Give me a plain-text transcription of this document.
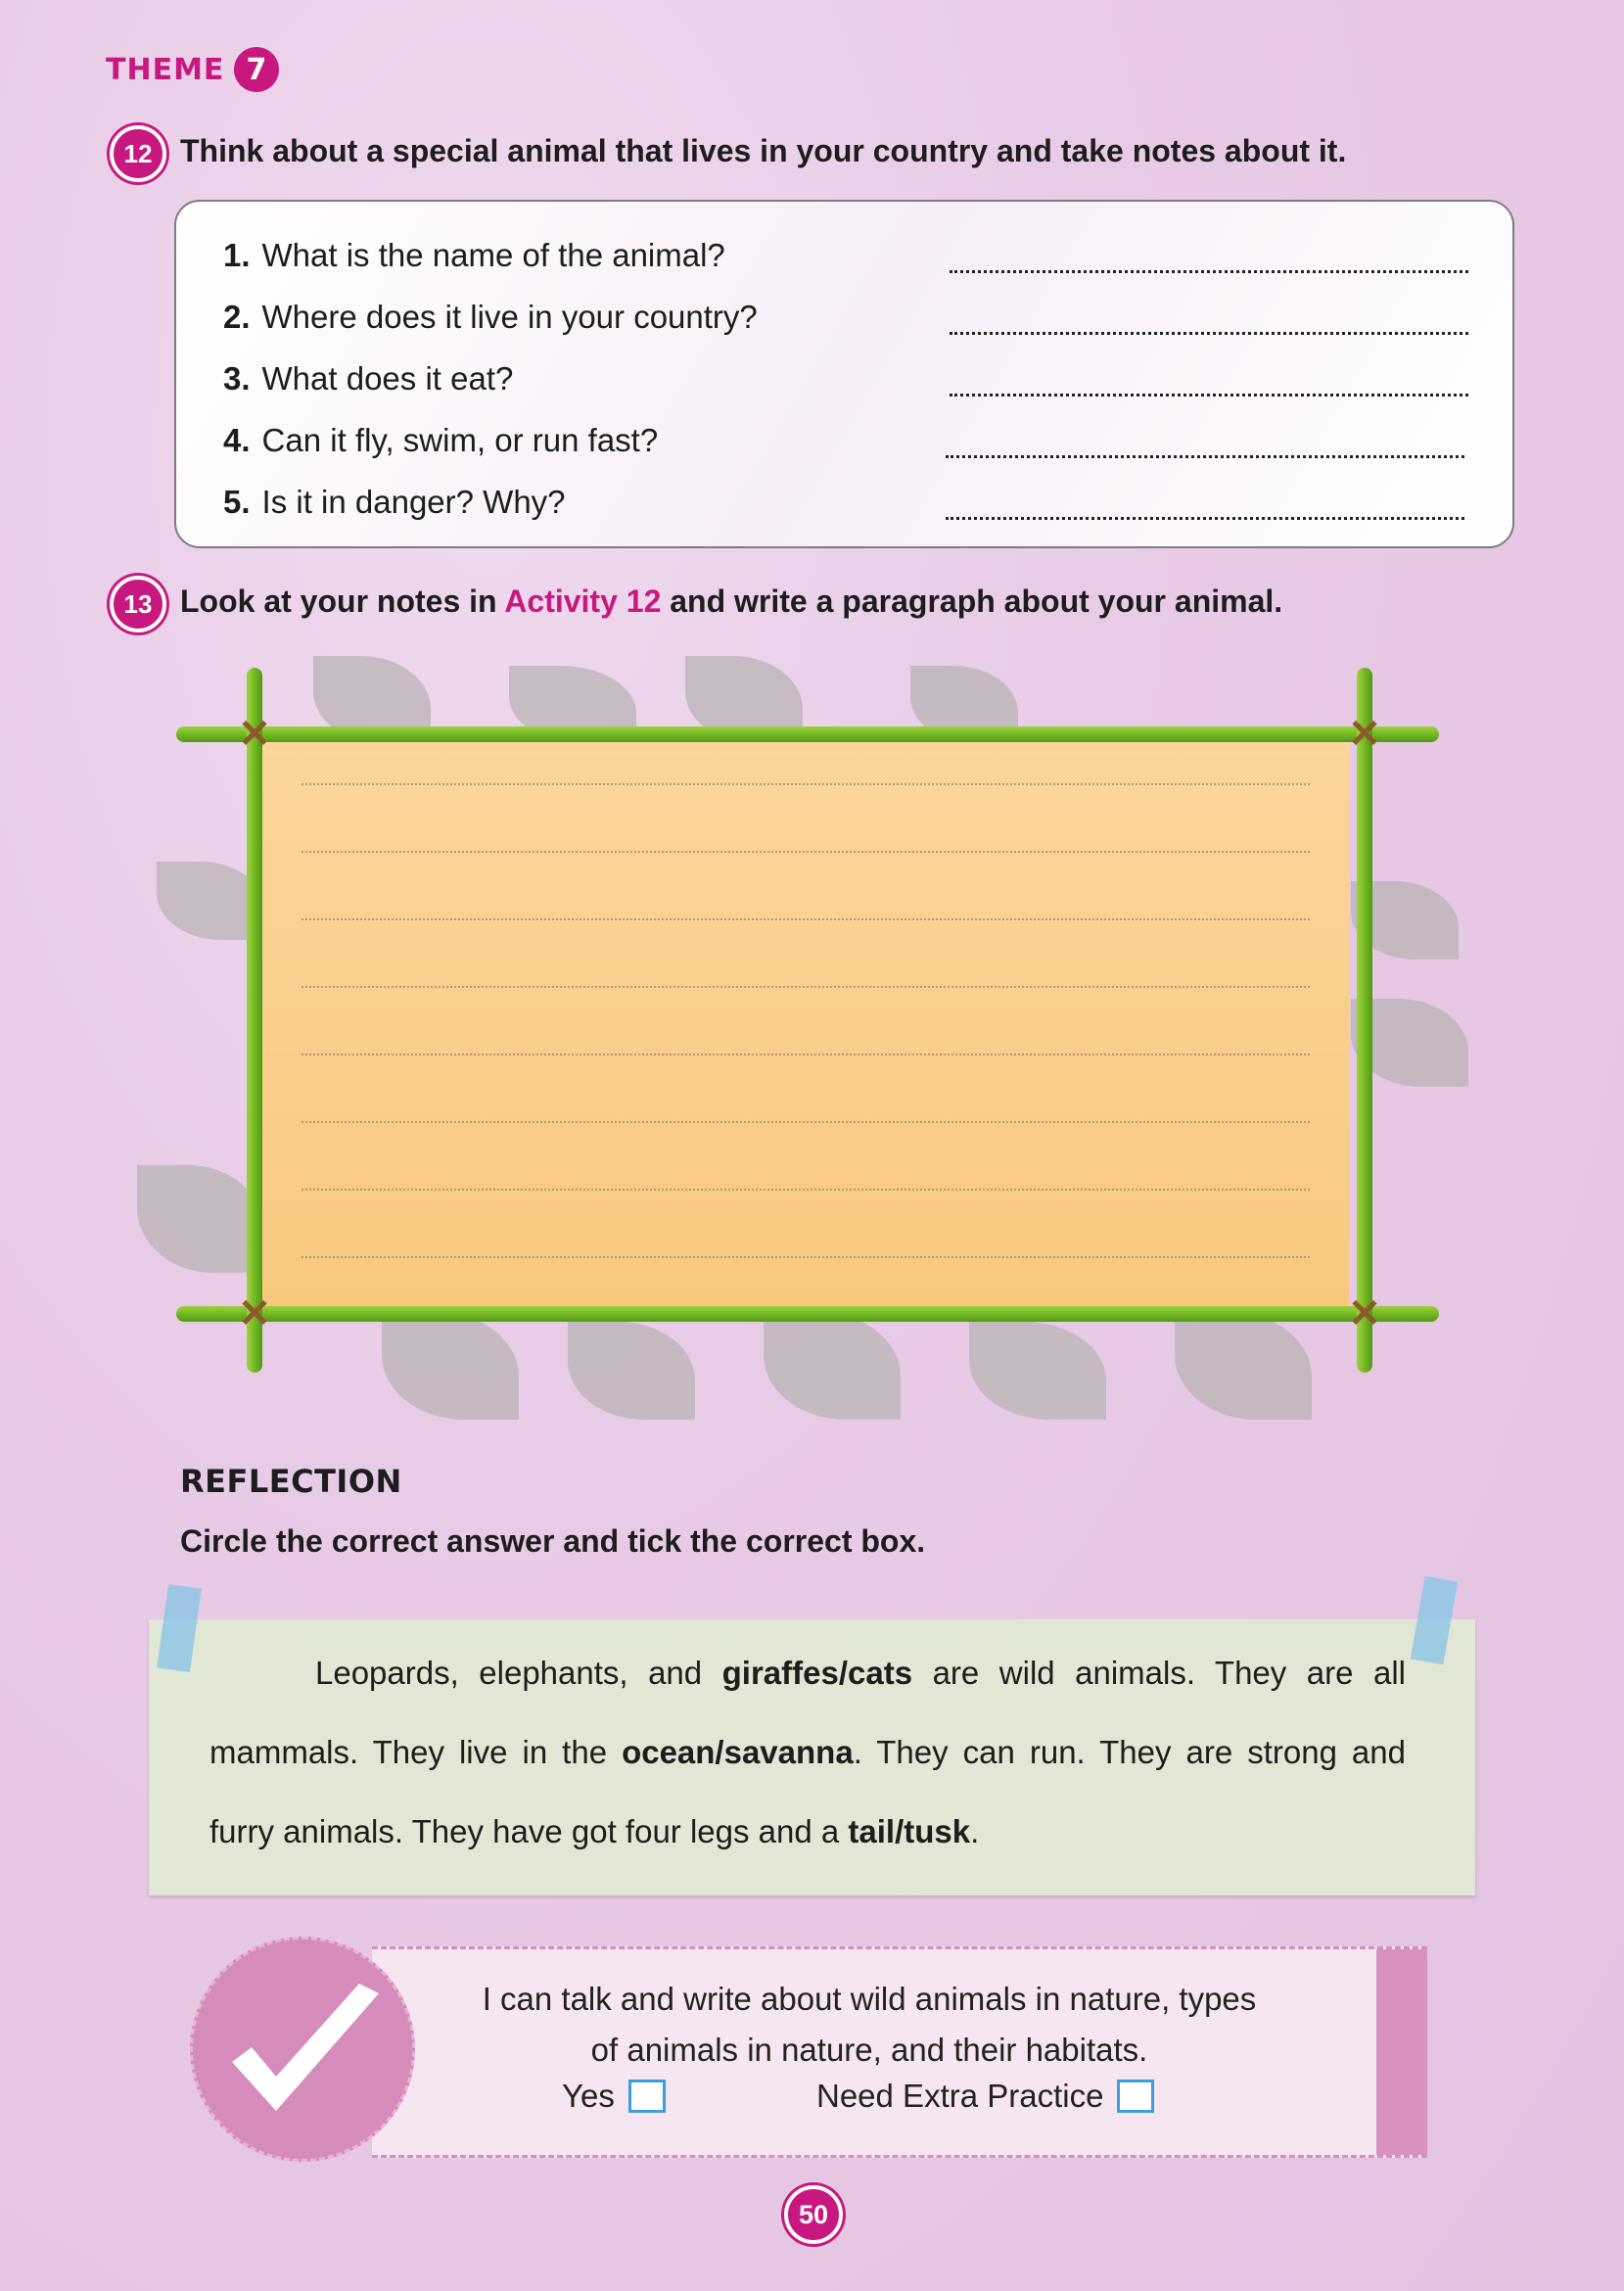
THEME 7
12 Think about a special animal that lives in your country and take notes about it.
1. What is the name of the animal?
2. Where does it live in your country?
3. What does it eat?
4. Can it fly, swim, or run fast?
5. Is it in danger? Why?
13 Look at your notes in Activity 12 and write a paragraph about your animal.
✕	✕
✕	✕
REFLECTION
Circle the correct answer and tick the correct box.
Leopards, elephants, and giraffes/cats are wild animals. They are all mammals. They live in the ocean/savanna. They can run. They are strong and furry animals. They have got four legs and a tail/tusk.
I can talk and write about wild animals in nature, types
of animals in nature, and their habitats.
Yes	Need Extra Practice
50
